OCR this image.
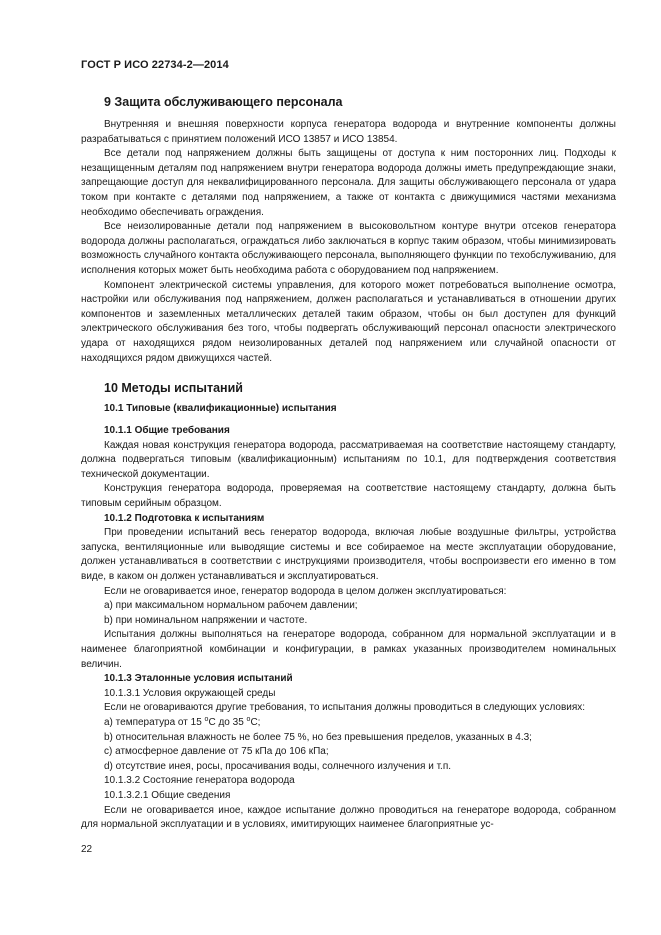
ГОСТ Р ИСО 22734-2—2014
9 Защита обслуживающего персонала

Внутренняя и внешняя поверхности корпуса генератора водорода и внутренние компоненты должны разрабатываться с принятием положений ИСО 13857 и ИСО 13854.

Все детали под напряжением должны быть защищены от доступа к ним посторонних лиц. Подходы к незащищенным деталям под напряжением внутри генератора водорода должны иметь предупреждающие знаки, запрещающие доступ для неквалифицированного персонала. Для защиты обслуживающего персонала от удара током при контакте с деталями под напряжением, а также от контакта с движущимися частями механизма необходимо обеспечивать ограждения.

Все неизолированные детали под напряжением в высоковольтном контуре внутри отсеков генератора водорода должны располагаться, ограждаться либо заключаться в корпус таким образом, чтобы минимизировать возможность случайного контакта обслуживающего персонала, выполняющего функции по техобслуживанию, для исполнения которых может быть необходима работа с оборудованием под напряжением.

Компонент электрической системы управления, для которого может потребоваться выполнение осмотра, настройки или обслуживания под напряжением, должен располагаться и устанавливаться в отношении других компонентов и заземленных металлических деталей таким образом, чтобы он был доступен для функций электрического обслуживания без того, чтобы подвергать обслуживающий персонал опасности электрического удара от находящихся рядом неизолированных деталей под напряжением или случайной опасности от находящихся рядом движущихся частей.

10 Методы испытаний
10.1 Типовые (квалификационные) испытания
10.1.1 Общие требования

Каждая новая конструкция генератора водорода, рассматриваемая на соответствие настоящему стандарту, должна подвергаться типовым (квалификационным) испытаниям по 10.1, для подтверждения соответствия технической документации.

Конструкция генератора водорода, проверяемая на соответствие настоящему стандарту, должна быть типовым серийным образцом.

10.1.2 Подготовка к испытаниям

При проведении испытаний весь генератор водорода, включая любые воздушные фильтры, устройства запуска, вентиляционные или выводящие системы и все собираемое на месте эксплуатации оборудование, должен устанавливаться в соответствии с инструкциями производителя, чтобы воспроизвести его именно в том виде, в каком он должен устанавливаться и эксплуатироваться.

Если не оговаривается иное, генератор водорода в целом должен эксплуатироваться:

a) при максимальном нормальном рабочем давлении;

b) при номинальном напряжении и частоте.

Испытания должны выполняться на генераторе водорода, собранном для нормальной эксплуатации и в наименее благоприятной комбинации и конфигурации, в рамках указанных производителем номинальных величин.

10.1.3 Эталонные условия испытаний
10.1.3.1 Условия окружающей среды

Если не оговариваются другие требования, то испытания должны проводиться в следующих условиях:

a) температура от 15 $^о$С до 35 $^о$С;

b) относительная влажность не более 75 %, но без превышения пределов, указанных в 4.3;

c) атмосферное давление от 75 кПа до 106 кПа;

d) отсутствие инея, росы, просачивания воды, солнечного излучения и т.п.

10.1.3.2 Состояние генератора водорода
10.1.3.2.1 Общие сведения

Если не оговаривается иное, каждое испытание должно проводиться на генераторе водорода, собранном для нормальной эксплуатации и в условиях, имитирующих наименее благоприятные ус-

22
